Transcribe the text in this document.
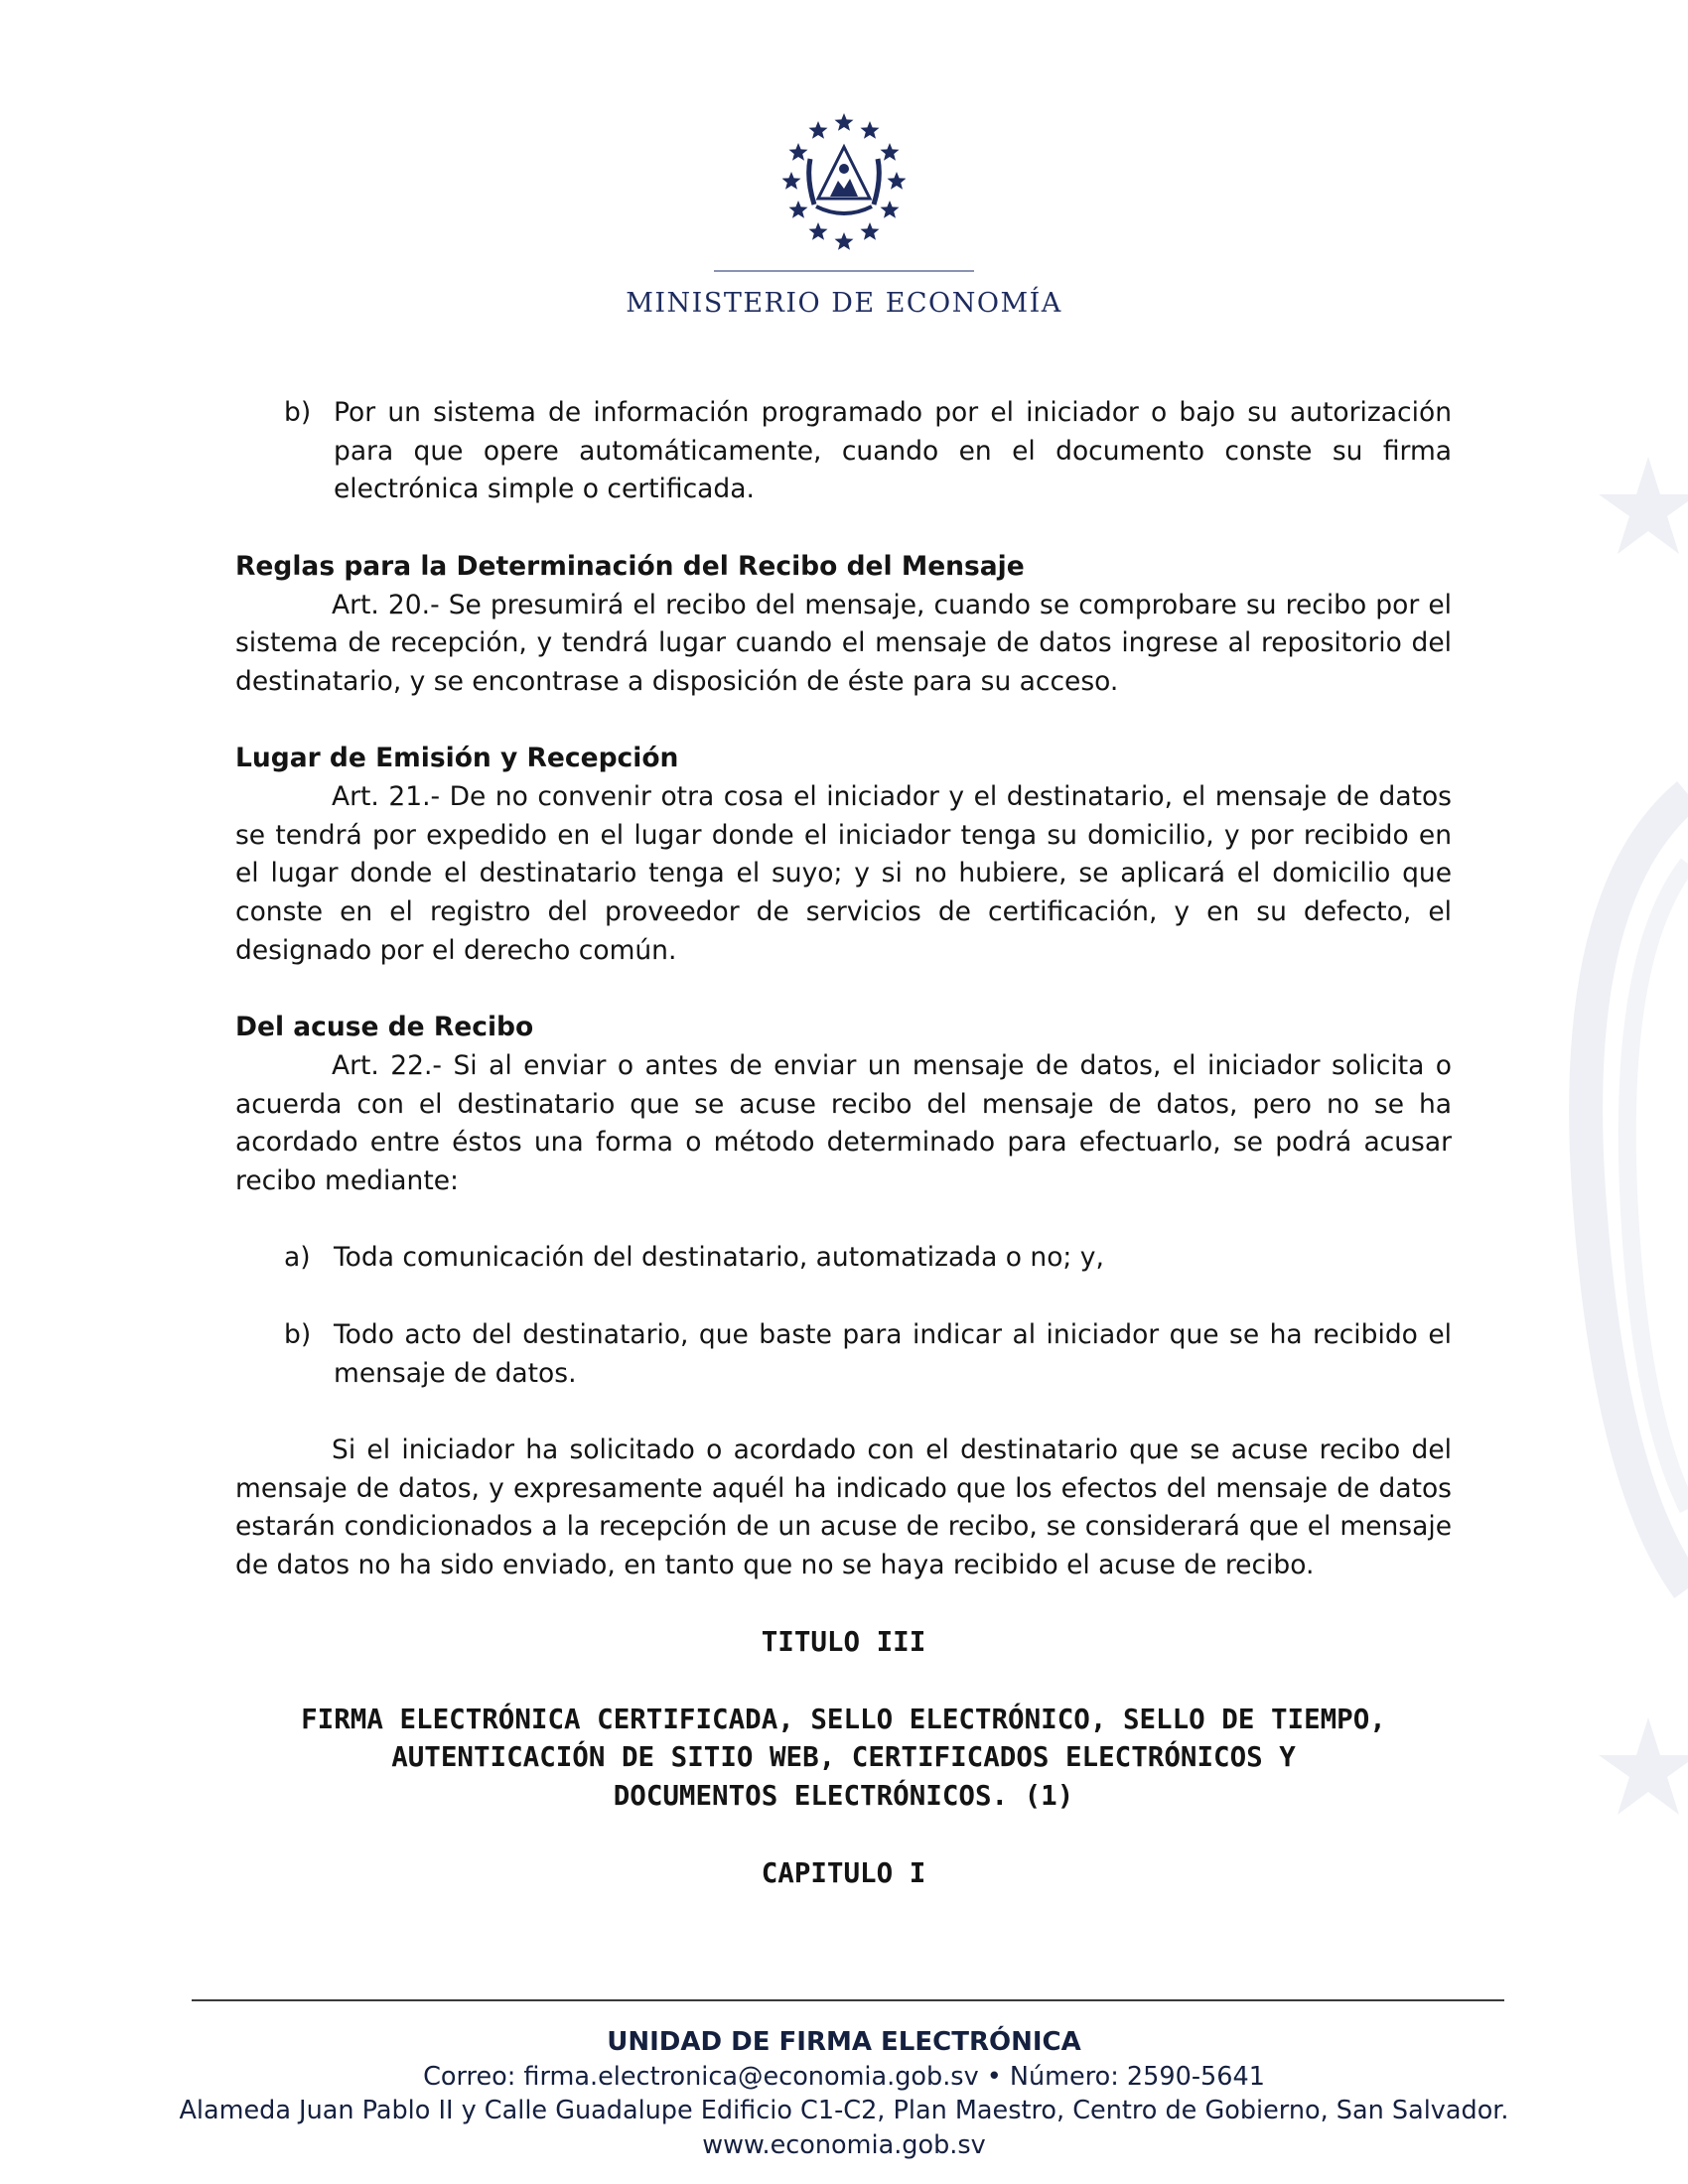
MINISTERIO DE ECONOMÍA
b) Por un sistema de información programado por el iniciador o bajo su autorización para que opere automáticamente, cuando en el documento conste su firma electrónica simple o certificada.
Reglas para la Determinación del Recibo del Mensaje
Art. 20.- Se presumirá el recibo del mensaje, cuando se comprobare su recibo por el sistema de recepción, y tendrá lugar cuando el mensaje de datos ingrese al repositorio del destinatario, y se encontrase a disposición de éste para su acceso.
Lugar de Emisión y Recepción
Art. 21.- De no convenir otra cosa el iniciador y el destinatario, el mensaje de datos se tendrá por expedido en el lugar donde el iniciador tenga su domicilio, y por recibido en el lugar donde el destinatario tenga el suyo; y si no hubiere, se aplicará el domicilio que conste en el registro del proveedor de servicios de certificación, y en su defecto, el designado por el derecho común.
Del acuse de Recibo
Art. 22.- Si al enviar o antes de enviar un mensaje de datos, el iniciador solicita o acuerda con el destinatario que se acuse recibo del mensaje de datos, pero no se ha acordado entre éstos una forma o método determinado para efectuarlo, se podrá acusar recibo mediante:
a) Toda comunicación del destinatario, automatizada o no; y,
b) Todo acto del destinatario, que baste para indicar al iniciador que se ha recibido el mensaje de datos.
Si el iniciador ha solicitado o acordado con el destinatario que se acuse recibo del mensaje de datos, y expresamente aquél ha indicado que los efectos del mensaje de datos estarán condicionados a la recepción de un acuse de recibo, se considerará que el mensaje de datos no ha sido enviado, en tanto que no se haya recibido el acuse de recibo.
TITULO III
FIRMA ELECTRÓNICA CERTIFICADA, SELLO ELECTRÓNICO, SELLO DE TIEMPO,
AUTENTICACIÓN DE SITIO WEB, CERTIFICADOS ELECTRÓNICOS Y
DOCUMENTOS ELECTRÓNICOS. (1)
CAPITULO I
UNIDAD DE FIRMA ELECTRÓNICA
Correo: firma.electronica@economia.gob.sv • Número: 2590-5641
Alameda Juan Pablo II y Calle Guadalupe Edificio C1-C2, Plan Maestro, Centro de Gobierno, San Salvador.
www.economia.gob.sv
